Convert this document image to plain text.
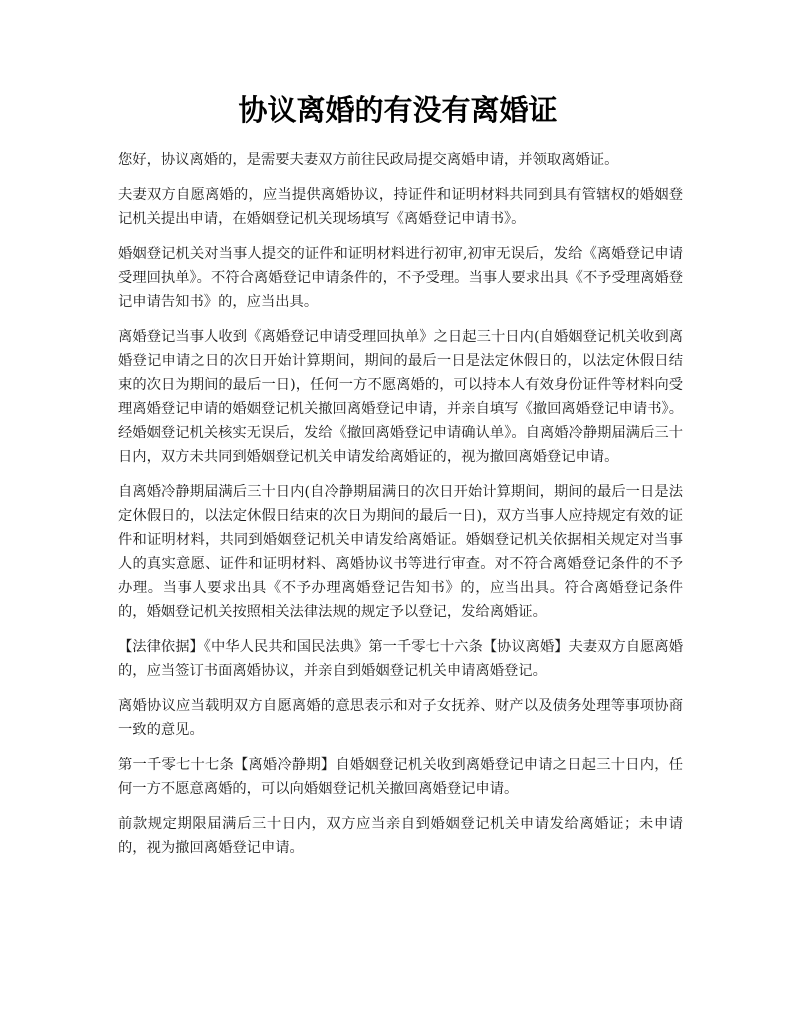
协议离婚的有没有离婚证

您好，协议离婚的，是需要夫妻双方前往民政局提交离婚申请，并领取离婚证。

夫妻双方自愿离婚的，应当提供离婚协议，持证件和证明材料共同到具有管辖权的婚姻登记机关提出申请，在婚姻登记机关现场填写《离婚登记申请书》。

婚姻登记机关对当事人提交的证件和证明材料进行初审,初审无误后，发给《离婚登记申请受理回执单》。不符合离婚登记申请条件的，不予受理。当事人要求出具《不予受理离婚登记申请告知书》的，应当出具。

离婚登记当事人收到《离婚登记申请受理回执单》之日起三十日内(自婚姻登记机关收到离婚登记申请之日的次日开始计算期间，期间的最后一日是法定休假日的，以法定休假日结束的次日为期间的最后一日)，任何一方不愿离婚的，可以持本人有效身份证件等材料向受理离婚登记申请的婚姻登记机关撤回离婚登记申请，并亲自填写《撤回离婚登记申请书》。经婚姻登记机关核实无误后，发给《撤回离婚登记申请确认单》。自离婚冷静期届满后三十日内，双方未共同到婚姻登记机关申请发给离婚证的，视为撤回离婚登记申请。

自离婚冷静期届满后三十日内(自冷静期届满日的次日开始计算期间，期间的最后一日是法定休假日的，以法定休假日结束的次日为期间的最后一日)，双方当事人应持规定有效的证件和证明材料，共同到婚姻登记机关申请发给离婚证。婚姻登记机关依据相关规定对当事人的真实意愿、证件和证明材料、离婚协议书等进行审查。对不符合离婚登记条件的不予办理。当事人要求出具《不予办理离婚登记告知书》的，应当出具。符合离婚登记条件的，婚姻登记机关按照相关法律法规的规定予以登记，发给离婚证。

【法律依据】《中华人民共和国民法典》第一千零七十六条【协议离婚】夫妻双方自愿离婚的，应当签订书面离婚协议，并亲自到婚姻登记机关申请离婚登记。

离婚协议应当载明双方自愿离婚的意思表示和对子女抚养、财产以及债务处理等事项协商一致的意见。

第一千零七十七条【离婚冷静期】自婚姻登记机关收到离婚登记申请之日起三十日内，任何一方不愿意离婚的，可以向婚姻登记机关撤回离婚登记申请。

前款规定期限届满后三十日内，双方应当亲自到婚姻登记机关申请发给离婚证；未申请的，视为撤回离婚登记申请。
